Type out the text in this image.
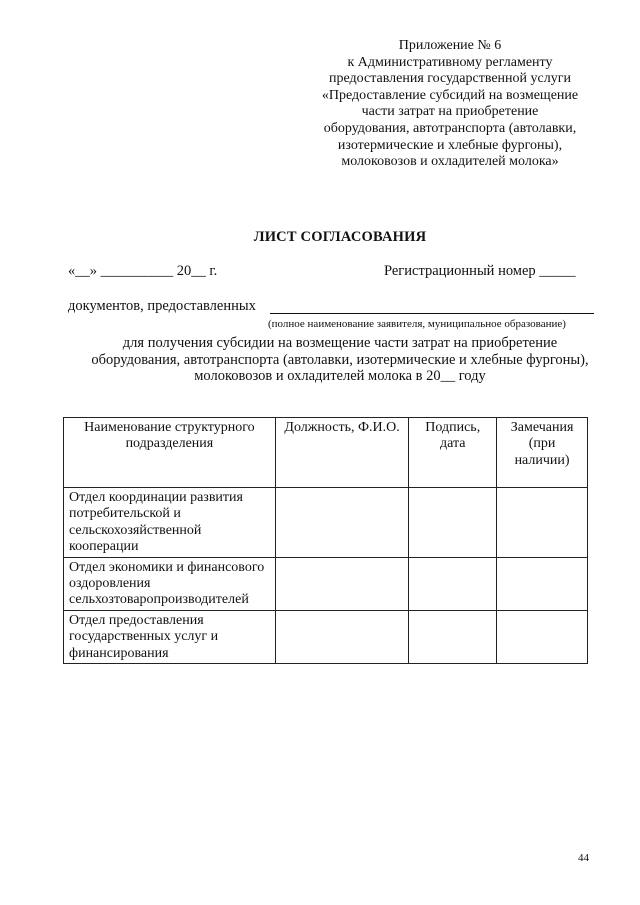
Приложение № 6
к Административному регламенту
предоставления государственной услуги
«Предоставление субсидий на возмещение
части затрат на приобретение
оборудования, автотранспорта (автолавки,
изотермические и хлебные фургоны),
молоковозов и охладителей молока»
ЛИСТ СОГЛАСОВАНИЯ
«__» __________ 20__ г.	Регистрационный номер _____
документов, предоставленных
(полное наименование заявителя, муниципальное образование)
для получения субсидии на возмещение части затрат на приобретение
оборудования, автотранспорта (автолавки, изотермические и хлебные фургоны),
молоковозов и охладителей молока в 20__ году
Наименование структурного подразделения	Должность, Ф.И.О.	Подпись, дата	Замечания (при наличии)
Отдел координации развития потребительской и сельскохозяйственной кооперации			
Отдел экономики и финансового оздоровления сельхозтоваропроизводителей			
Отдел предоставления государственных услуг и финансирования			
44
